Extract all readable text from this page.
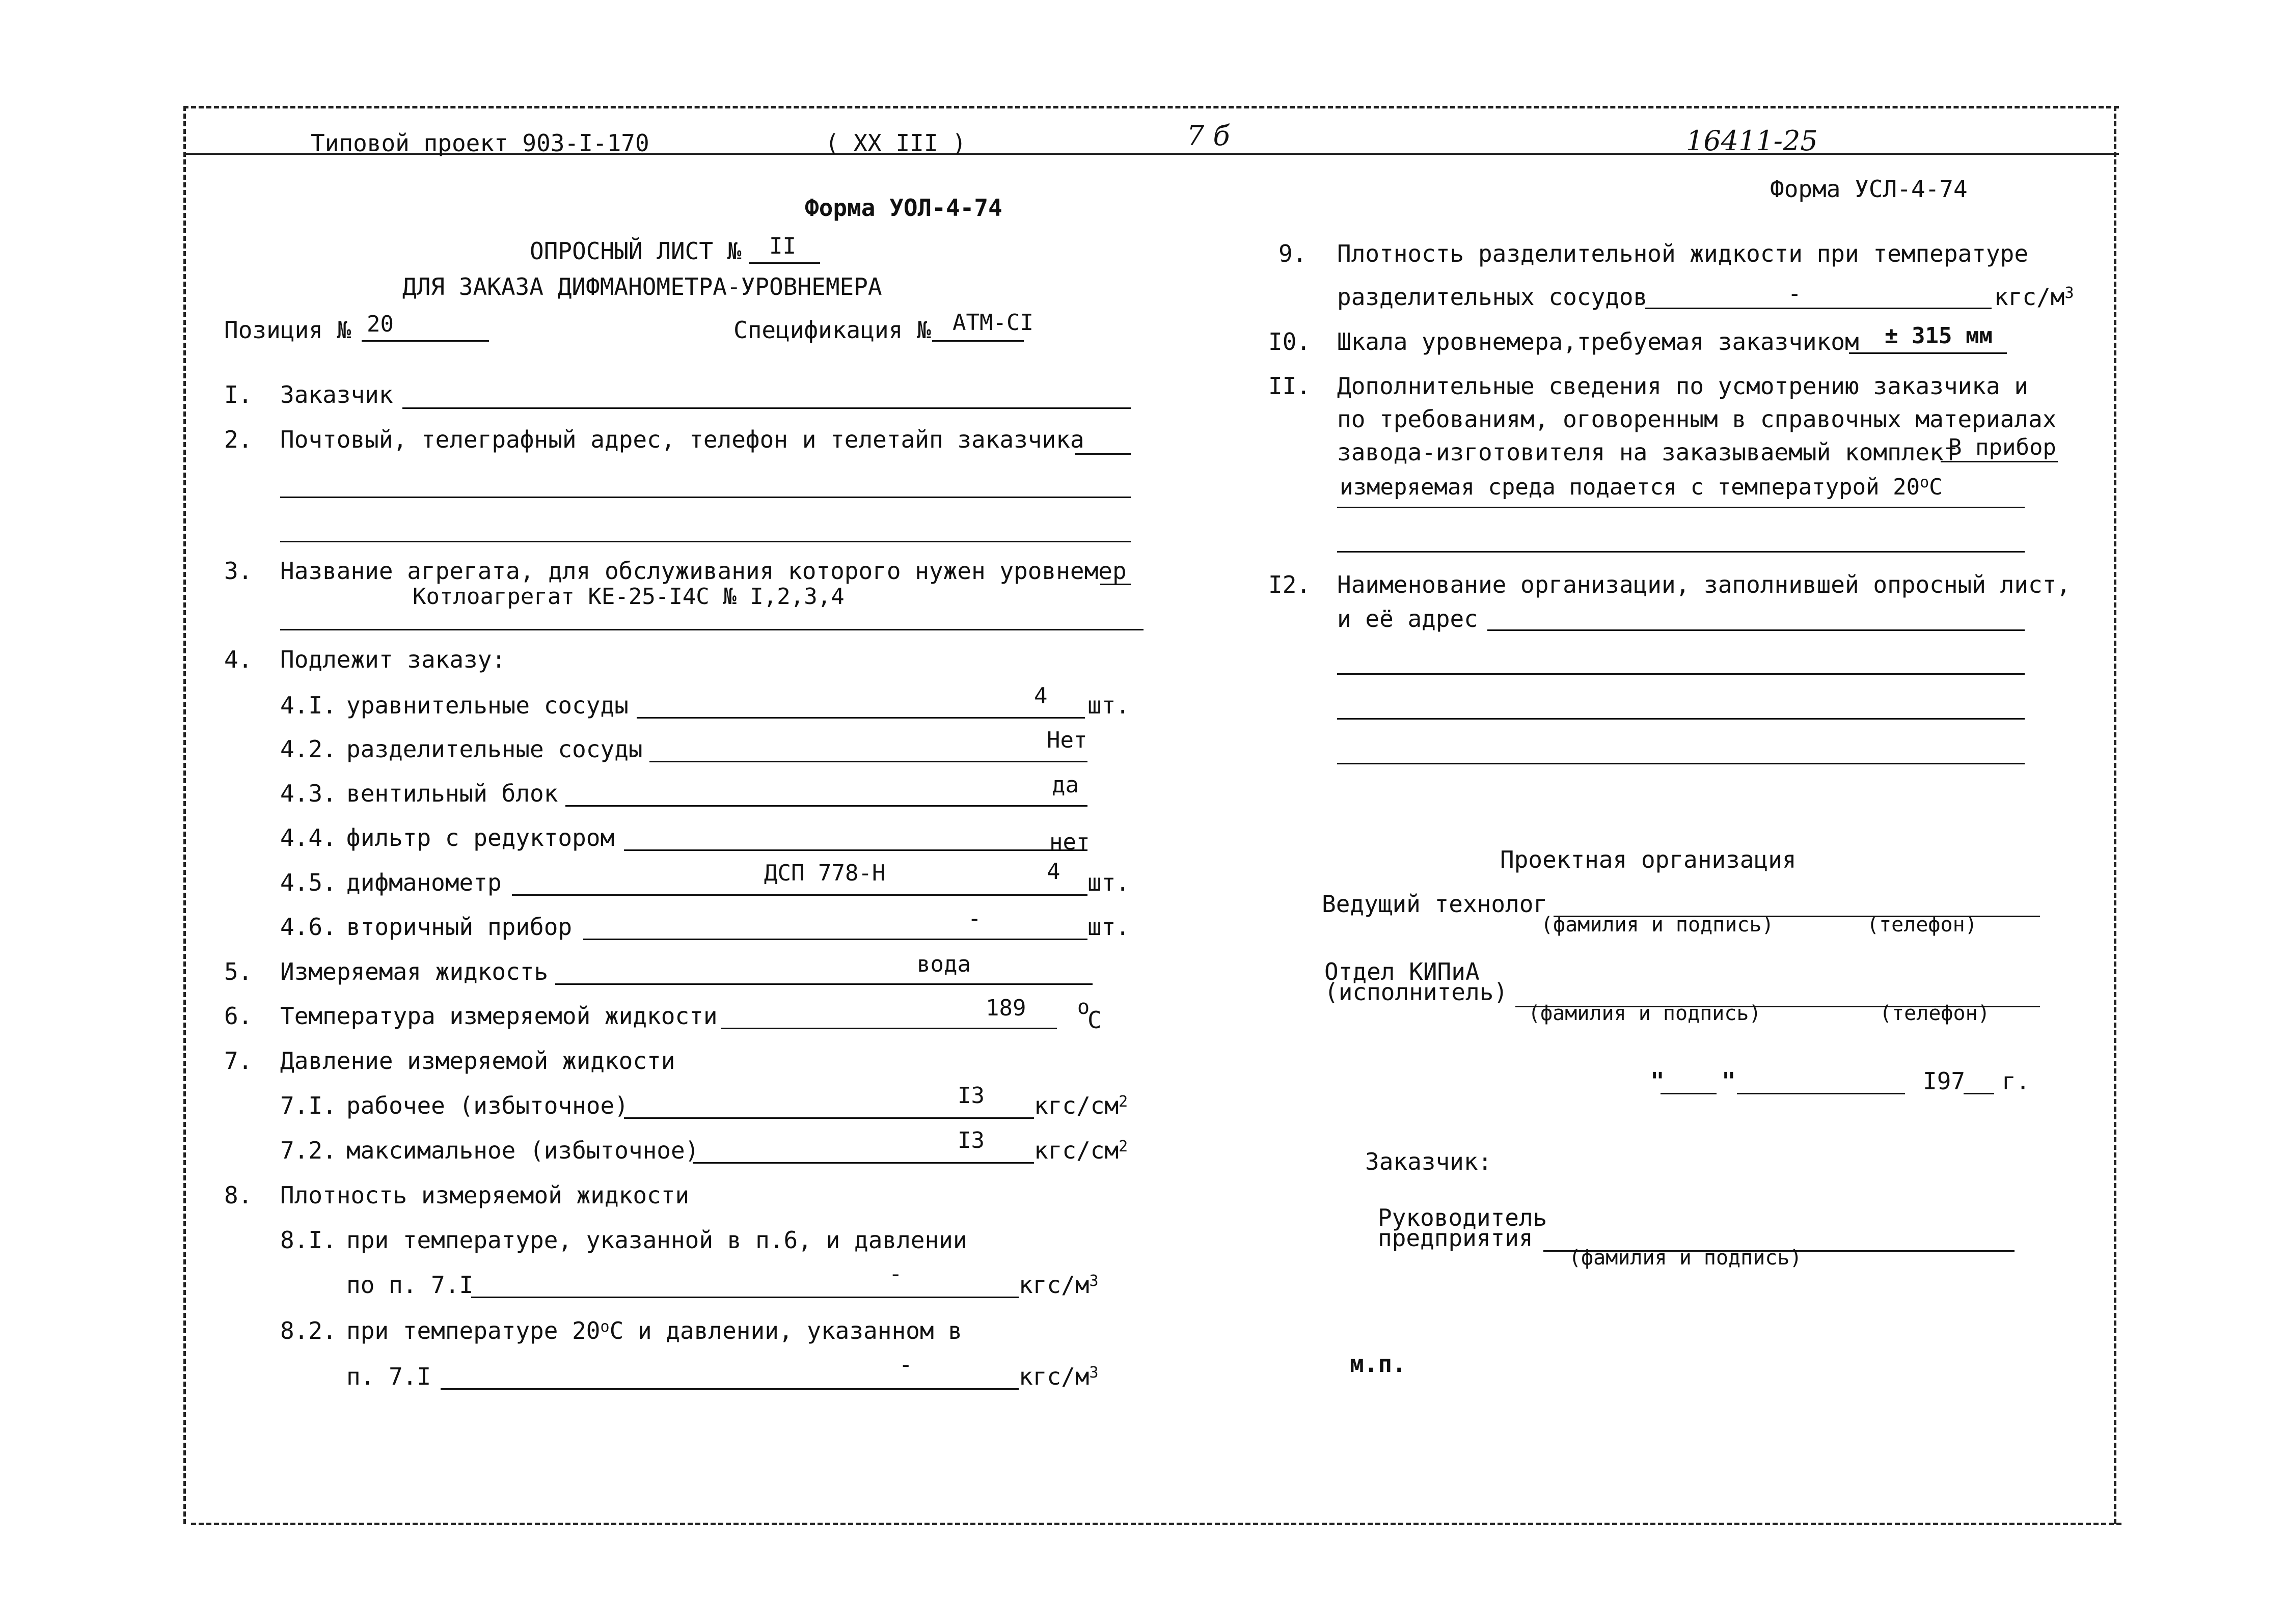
Типовой проект 903-I-170	( XX III )	7 б	16411-25
Форма УОЛ-4-74
ОПРОСНЫЙ ЛИСТ № II
ДЛЯ ЗАКАЗА ДИФМАНОМЕТРА-УРОВНЕМЕРА
Позиция № 20	Спецификация № АТМ-СI
I. Заказчик
2. Почтовый, телеграфный адрес, телефон и телетайп заказчика
3. Название агрегата, для обслуживания которого нужен уровнемер
Котлоагрегат КЕ-25-I4С № I,2,3,4
4. Подлежит заказу:
4.I. уравнительные сосуды	4 шт.
4.2. разделительные сосуды	Нет
4.3. вентильный блок	да
4.4. фильтр с редуктором	нет
4.5. дифманометр	ДСП 778-Н	4 шт.
4.6. вторичный прибор	-	шт.
5. Измеряемая жидкость	вода
6. Температура измеряемой жидкости	189	o
С
7. Давление измеряемой жидкости
7.I. рабочее (избыточное)	I3 кгс/$см^2$
7.2. максимальное (избыточное)	I3 кгс/$см^2$
8. Плотность измеряемой жидкости
8.I. при температуре, указанной в п.6, и давлении
по п. 7.I	-	кгс/$м^3$
8.2. при температуре 20$^o$С и давлении, указанном в
п. 7.I	-	кгс/$м^3$
Форма УСЛ-4-74
9. Плотность разделительной жидкости при температуре
разделительных сосудов	-	кгс/$м^3$
I0. Шкала уровнемера,требуемая заказчиком ± 315 мм
II. Дополнительные сведения по усмотрению заказчика и
по требованиям, оговоренным в справочных материалах
завода-изготовителя на заказываемый комплект
В прибор
измеряемая среда подается с температурой 20$^o$С
I2. Наименование организации, заполнившей опросный лист,
и её адрес
Проектная организация
Ведущий технолог
(фамилия и подпись)	(телефон)
Отдел КИПиА
(исполнитель)
(фамилия и подпись)	(телефон)
" "	I97 г.
Заказчик:
Руководитель
предприятия
(фамилия и подпись)
м.п.
